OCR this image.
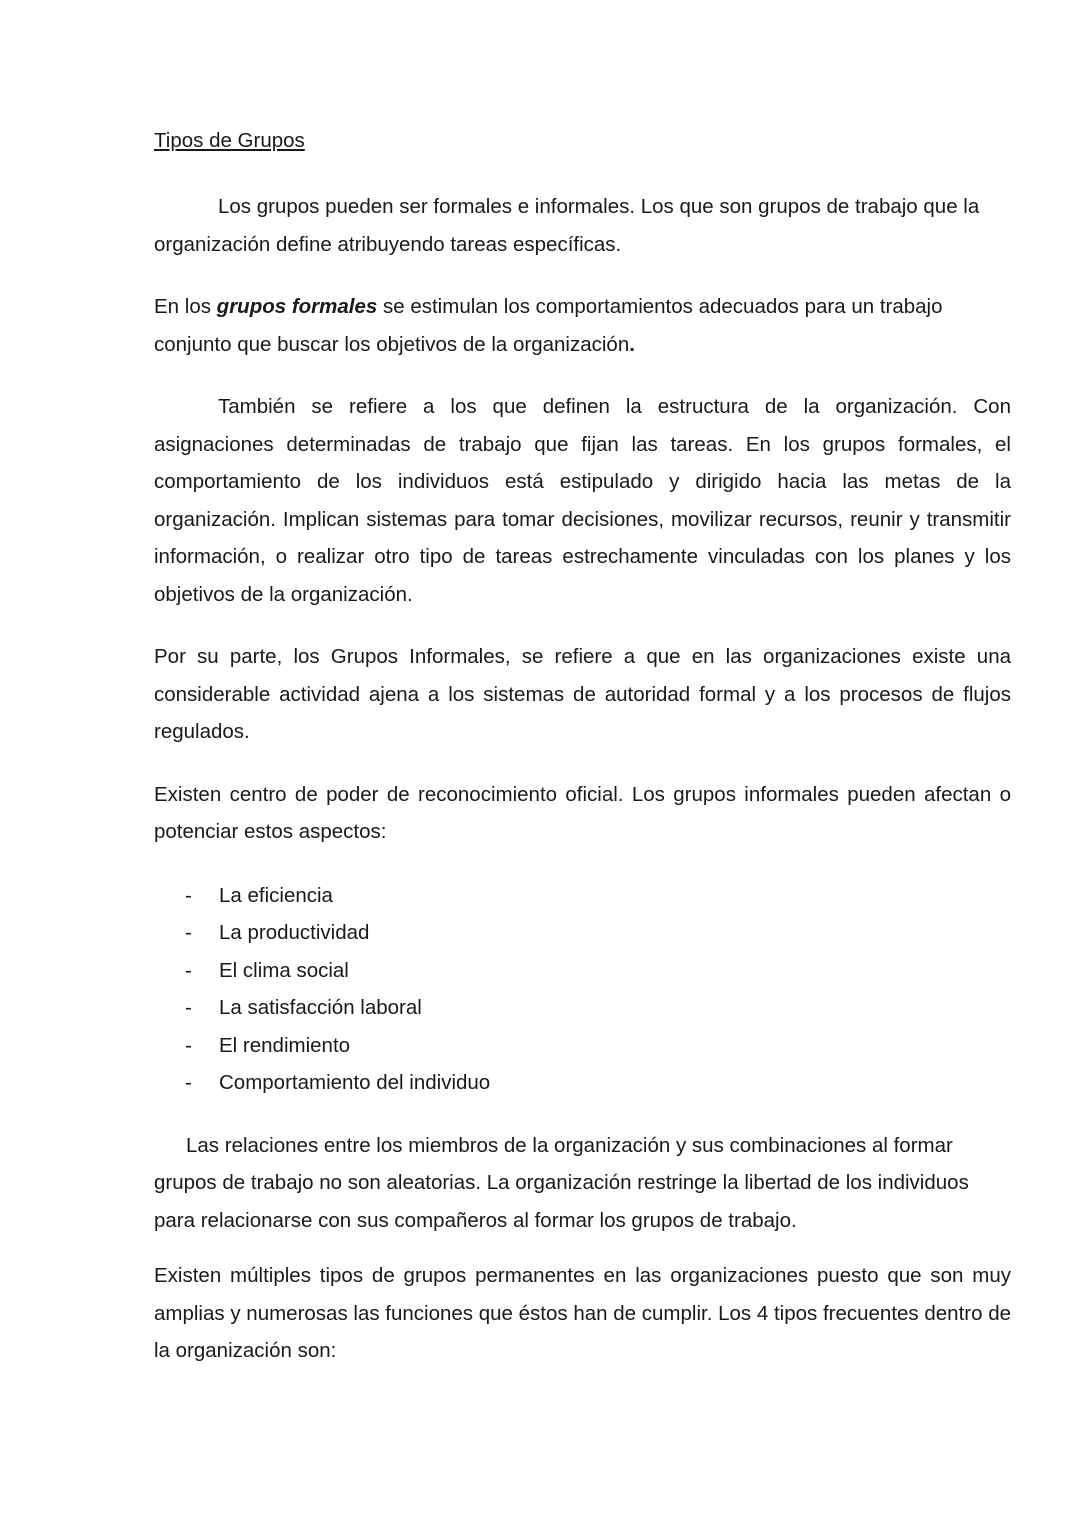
Tipos de Grupos

Los grupos pueden ser formales e informales. Los que son grupos de trabajo que la organización define atribuyendo tareas específicas.

En los grupos formales se estimulan los comportamientos adecuados para un trabajo conjunto que buscar los objetivos de la organización.

También se refiere a los que definen la estructura de la organización. Con asignaciones determinadas de trabajo que fijan las tareas. En los grupos formales, el comportamiento de los individuos está estipulado y dirigido hacia las metas de la organización. Implican sistemas para tomar decisiones, movilizar recursos, reunir y transmitir información, o realizar otro tipo de tareas estrechamente vinculadas con los planes y los objetivos de la organización.

Por su parte, los Grupos Informales, se refiere a que en las organizaciones existe una considerable actividad ajena a los sistemas de autoridad formal y a los procesos de flujos regulados.

Existen centro de poder de reconocimiento oficial. Los grupos informales pueden afectan o potenciar estos aspectos:

- La eficiencia
- La productividad
- El clima social
- La satisfacción laboral
- El rendimiento
- Comportamiento del individuo

Las relaciones entre los miembros de la organización y sus combinaciones al formar grupos de trabajo no son aleatorias. La organización restringe la libertad de los individuos para relacionarse con sus compañeros al formar los grupos de trabajo.

Existen múltiples tipos de grupos permanentes en las organizaciones puesto que son muy amplias y numerosas las funciones que éstos han de cumplir. Los 4 tipos frecuentes dentro de la organización son:
